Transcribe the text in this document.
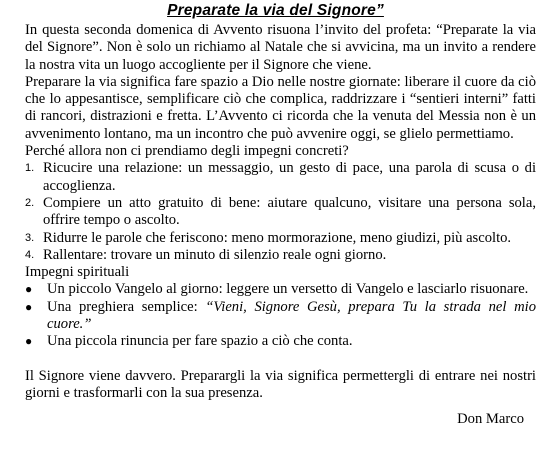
Preparate la via del Signore”

In questa seconda domenica di Avvento risuona l’invito del profeta: “Preparate la via del Signore”. Non è solo un richiamo al Natale che si avvicina, ma un invito a rendere la nostra vita un luogo accogliente per il Signore che viene.

Preparare la via significa fare spazio a Dio nelle nostre giornate: liberare il cuore da ciò che lo appesantisce, semplificare ciò che complica, raddrizzare i “sentieri interni” fatti di rancori, distrazioni e fretta. L’Avvento ci ricorda che la venuta del Messia non è un avvenimento lontano, ma un incontro che può avvenire oggi, se glielo permettiamo.

Perché allora non ci prendiamo degli impegni concreti?

1. Ricucire una relazione: un messaggio, un gesto di pace, una parola di scusa o di accoglienza.
2. Compiere un atto gratuito di bene: aiutare qualcuno, visitare una persona sola, offrire tempo o ascolto.
3. Ridurre le parole che feriscono: meno mormorazione, meno giudizi, più ascolto.
4. Rallentare: trovare un minuto di silenzio reale ogni giorno.

Impegni spirituali

●	Un piccolo Vangelo al giorno: leggere un versetto di Vangelo e lasciarlo risuonare.
●	Una preghiera semplice: “Vieni, Signore Gesù, prepara Tu la strada nel mio cuore.”
●	Una piccola rinuncia per fare spazio a ciò che conta.

Il Signore viene davvero. Preparargli la via significa permettergli di entrare nei nostri giorni e trasformarli con la sua presenza.

Don Marco
